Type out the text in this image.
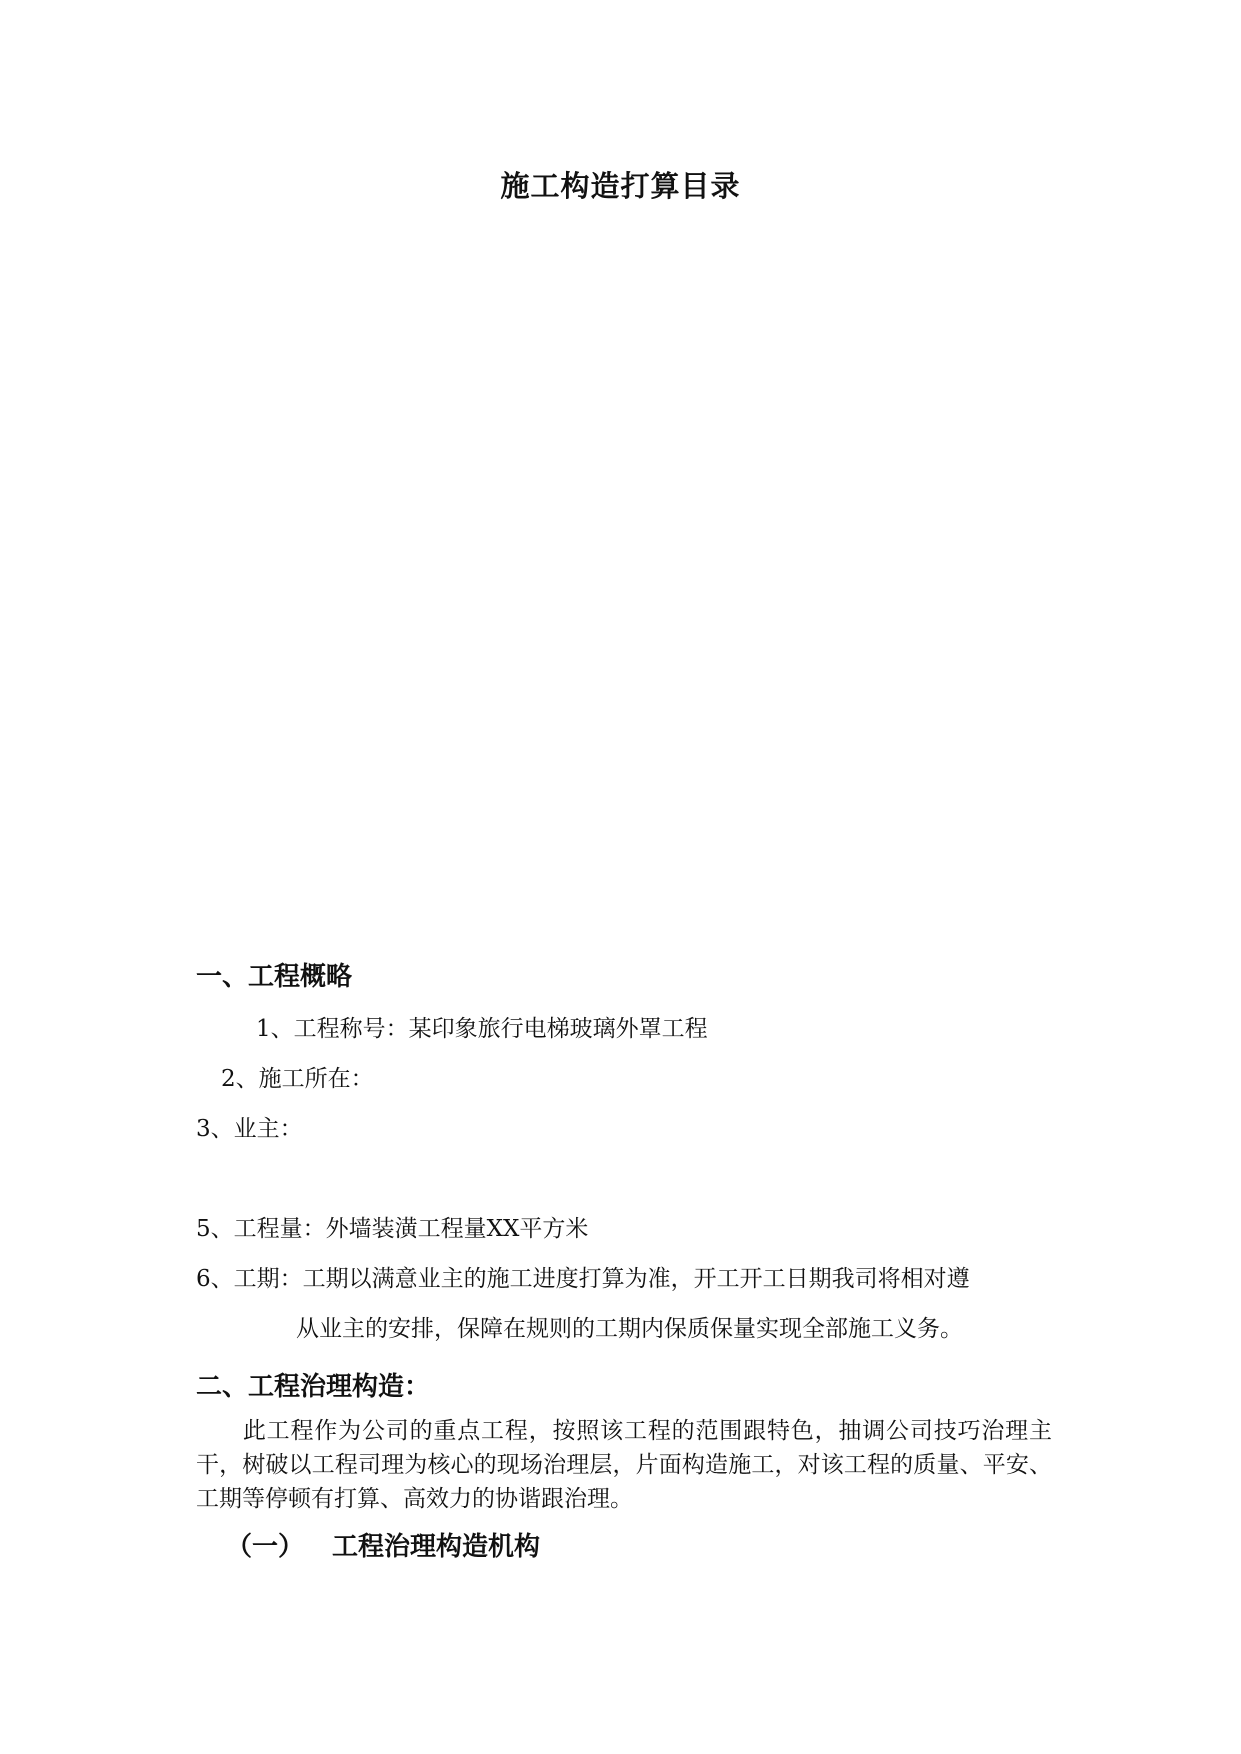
施工构造打算目录
一、工程概略
1、工程称号：某印象旅行电梯玻璃外罩工程
2、施工所在：
3、业主：
5、工程量：外墙装潢工程量XX平方米
6、工期：工期以满意业主的施工进度打算为准，开工开工日期我司将相对遵
从业主的安排，保障在规则的工期内保质保量实现全部施工义务。
二、工程治理构造：
此工程作为公司的重点工程，按照该工程的范围跟特色，抽调公司技巧治理主干，树破以工程司理为核心的现场治理层，片面构造施工，对该工程的质量、平安、工期等停顿有打算、高效力的协谐跟治理。
（一） 工程治理构造机构
